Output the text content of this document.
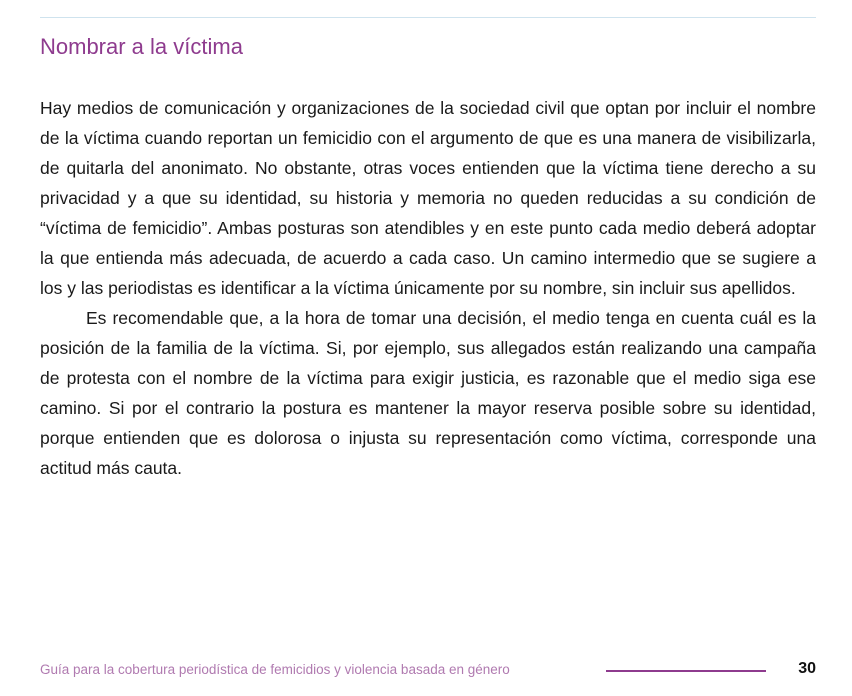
Nombrar a la víctima

Hay medios de comunicación y organizaciones de la sociedad civil que optan por incluir el nombre de la víctima cuando reportan un femicidio con el argumento de que es una manera de visibilizarla, de quitarla del anonimato. No obstante, otras voces entienden que la víctima tiene derecho a su privacidad y a que su identidad, su historia y memoria no queden reducidas a su condición de “víctima de femicidio”. Ambas posturas son atendibles y en este punto cada medio deberá adoptar la que entienda más adecuada, de acuerdo a cada caso. Un camino intermedio que se sugiere a los y las periodistas es identificar a la víctima únicamente por su nombre, sin incluir sus apellidos.

Es recomendable que, a la hora de tomar una decisión, el medio tenga en cuenta cuál es la posición de la familia de la víctima. Si, por ejemplo, sus allegados están realizando una campaña de protesta con el nombre de la víctima para exigir justicia, es razonable que el medio siga ese camino. Si por el contrario la postura es mantener la mayor reserva posible sobre su identidad, porque entienden que es dolorosa o injusta su representación como víctima, corresponde una actitud más cauta.

Guía para la cobertura periodística de femicidios y violencia basada en género	30
